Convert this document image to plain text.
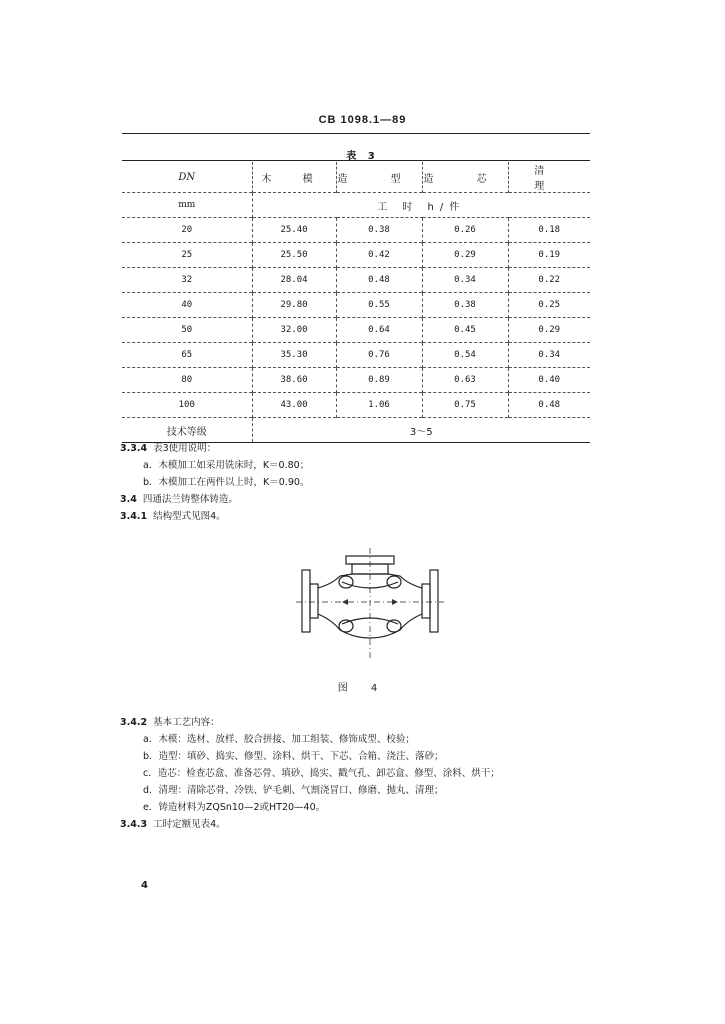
CB 1098.1—89
表 3
DN	木 模	造 型	造 芯	清 理
mm	工 时 h/件			
20	25.40	0.38	0.26	0.18
25	25.50	0.42	0.29	0.19
32	28.04	0.48	0.34	0.22
40	29.80	0.55	0.38	0.25
50	32.00	0.64	0.45	0.29
65	35.30	0.76	0.54	0.34
80	38.60	0.89	0.63	0.40
100	43.00	1.06	0.75	0.48
技术等级	3～5			
3.3.4 表3使用说明：
a．木模加工如采用铣床时，K＝0.80；
b．木模加工在两件以上时，K＝0.90。
3.4 四通法兰铸整体铸造。
3.4.1 结构型式见图4。
图 4
3.4.2 基本工艺内容：
a．木模：选材、放样、胶合拼接、加工组装、修饰成型、校验；
b．造型：填砂、捣实、修型、涂料、烘干、下芯、合箱、浇注、落砂；
c．造芯：检查芯盒、准备芯骨、填砂、捣实、戳气孔、卸芯盒、修型、涂料、烘干；
d．清理：清除芯骨、冷铁、铲毛刺、气割浇冒口、修磨、抛丸、清理；
e．铸造材料为ZQSn10—2或HT20—40。
3.4.3 工时定额见表4。
4
